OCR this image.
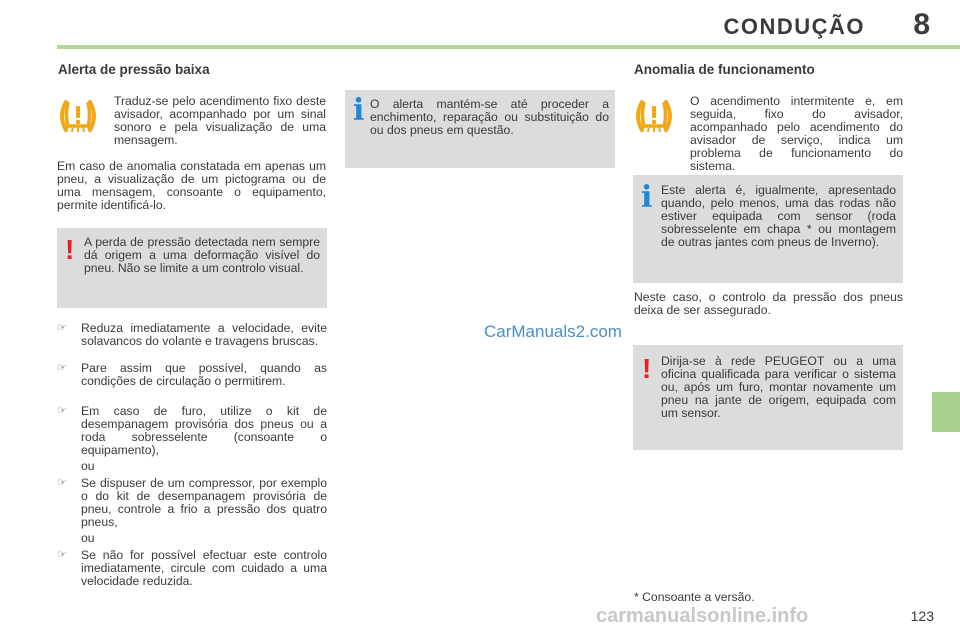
CONDUÇÃO 8
Alerta de pressão baixa
Traduz-se pelo acendimento fixo deste avisador, acompanhado por um sinal sonoro e pela visualização de uma mensagem.
Em caso de anomalia constatada em apenas um pneu, a visualização de um pictograma ou de uma mensagem, consoante o equipamento, permite identificá-lo.
! A perda de pressão detectada nem sempre dá origem a uma deformação visível do pneu. Não se limite a um controlo visual.
☞	Reduza imediatamente a velocidade, evite solavancos do volante e travagens bruscas.
☞	Pare assim que possível, quando as condições de circulação o permitirem.
☞	Em caso de furo, utilize o kit de desempanagem provisória dos pneus ou a roda sobresselente (consoante o equipamento),
ou
☞	Se dispuser de um compressor, por exemplo o do kit de desempanagem provisória de pneu, controle a frio a pressão dos quatro pneus,
ou
☞	Se não for possível efectuar este controlo imediatamente, circule com cuidado a uma velocidade reduzida.
i O alerta mantém-se até proceder a enchimento, reparação ou substituição do ou dos pneus em questão.
CarManuals2.com
Anomalia de funcionamento
O acendimento intermitente e, em seguida, fixo do avisador, acompanhado pelo acendimento do avisador de serviço, indica um problema de funcionamento do sistema.
i Este alerta é, igualmente, apresentado quando, pelo menos, uma das rodas não estiver equipada com sensor (roda sobresselente em chapa * ou montagem de outras jantes com pneus de Inverno).
Neste caso, o controlo da pressão dos pneus deixa de ser assegurado.
! Dirija-se à rede PEUGEOT ou a uma oficina qualificada para verificar o sistema ou, após um furo, montar novamente um pneu na jante de origem, equipada com um sensor.
* Consoante a versão.
carmanualsonline.info	123
